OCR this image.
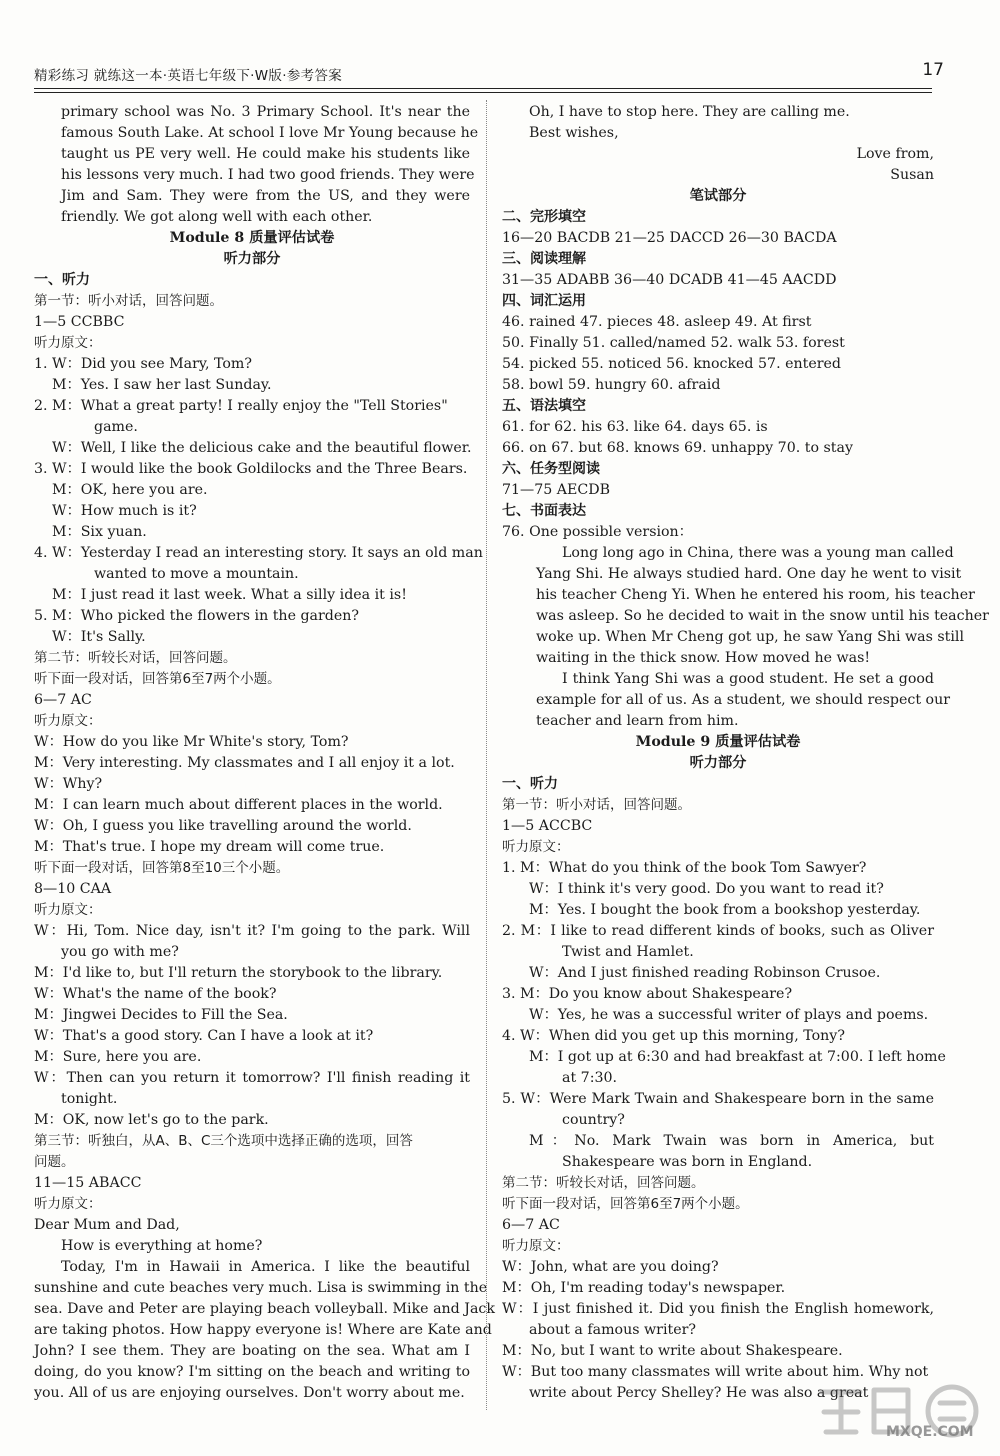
精彩练习 就练这一本·英语七年级下·W版·参考答案	17
primary school was No. 3 Primary School. It's near the
famous South Lake. At school I love Mr Young because he
taught us PE very well. He could make his students like
his lessons very much. I had two good friends. They were
Jim and Sam. They were from the US, and they were
friendly. We got along well with each other.
Module 8 质量评估试卷
听力部分
一、听力
第一节：听小对话，回答问题。
1—5 CCBBC
听力原文：
1. W：Did you see Mary, Tom?
M：Yes. I saw her last Sunday.
2. M：What a great party! I really enjoy the "Tell Stories"
game.
W：Well, I like the delicious cake and the beautiful flower.
3. W：I would like the book Goldilocks and the Three Bears.
M：OK, here you are.
W：How much is it?
M：Six yuan.
4. W：Yesterday I read an interesting story. It says an old man
wanted to move a mountain.
M：I just read it last week. What a silly idea it is!
5. M：Who picked the flowers in the garden?
W：It's Sally.
第二节：听较长对话，回答问题。
听下面一段对话，回答第6至7两个小题。
6—7 AC
听力原文：
W：How do you like Mr White's story, Tom?
M：Very interesting. My classmates and I all enjoy it a lot.
W：Why?
M：I can learn much about different places in the world.
W：Oh, I guess you like travelling around the world.
M：That's true. I hope my dream will come true.
听下面一段对话，回答第8至10三个小题。
8—10 CAA
听力原文：
W：Hi, Tom. Nice day, isn't it? I'm going to the park. Will
you go with me?
M：I'd like to, but I'll return the storybook to the library.
W：What's the name of the book?
M：Jingwei Decides to Fill the Sea.
W：That's a good story. Can I have a look at it?
M：Sure, here you are.
W：Then can you return it tomorrow? I'll finish reading it
tonight.
M：OK, now let's go to the park.
第三节：听独白，从A、B、C三个选项中选择正确的选项，回答
问题。
11—15 ABACC
听力原文：
Dear Mum and Dad,
How is everything at home?
Today, I'm in Hawaii in America. I like the beautiful
sunshine and cute beaches very much. Lisa is swimming in the
sea. Dave and Peter are playing beach volleyball. Mike and Jack
are taking photos. How happy everyone is! Where are Kate and
John? I see them. They are boating on the sea. What am I
doing, do you know? I'm sitting on the beach and writing to
you. All of us are enjoying ourselves. Don't worry about me.
Oh, I have to stop here. They are calling me.
Best wishes,
Love from,
Susan
笔试部分
二、完形填空
16—20 BACDB 21—25 DACCD 26—30 BACDA
三、阅读理解
31—35 ADABB 36—40 DCADB 41—45 AACDD
四、词汇运用
46. rained 47. pieces 48. asleep 49. At first
50. Finally 51. called/named 52. walk 53. forest
54. picked 55. noticed 56. knocked 57. entered
58. bowl 59. hungry 60. afraid
五、语法填空
61. for 62. his 63. like 64. days 65. is
66. on 67. but 68. knows 69. unhappy 70. to stay
六、任务型阅读
71—75 AECDB
七、书面表达
76. One possible version：
Long long ago in China, there was a young man called
Yang Shi. He always studied hard. One day he went to visit
his teacher Cheng Yi. When he entered his room, his teacher
was asleep. So he decided to wait in the snow until his teacher
woke up. When Mr Cheng got up, he saw Yang Shi was still
waiting in the thick snow. How moved he was!
I think Yang Shi was a good student. He set a good
example for all of us. As a student, we should respect our
teacher and learn from him.
Module 9 质量评估试卷
听力部分
一、听力
第一节：听小对话，回答问题。
1—5 ACCBC
听力原文：
1. M：What do you think of the book Tom Sawyer?
W：I think it's very good. Do you want to read it?
M：Yes. I bought the book from a bookshop yesterday.
2. M：I like to read different kinds of books, such as Oliver
Twist and Hamlet.
W：And I just finished reading Robinson Crusoe.
3. M：Do you know about Shakespeare?
W：Yes, he was a successful writer of plays and poems.
4. W：When did you get up this morning, Tony?
M：I got up at 6:30 and had breakfast at 7:00. I left home
at 7:30.
5. W：Were Mark Twain and Shakespeare born in the same
country?
M：No. Mark Twain was born in America, but
Shakespeare was born in England.
第二节：听较长对话，回答问题。
听下面一段对话，回答第6至7两个小题。
6—7 AC
听力原文：
W：John, what are you doing?
M：Oh, I'm reading today's newspaper.
W：I just finished it. Did you finish the English homework,
about a famous writer?
M：No, but I want to write about Shakespeare.
W：But too many classmates will write about him. Why not
write about Percy Shelley? He was also a great
MXQE.COM
